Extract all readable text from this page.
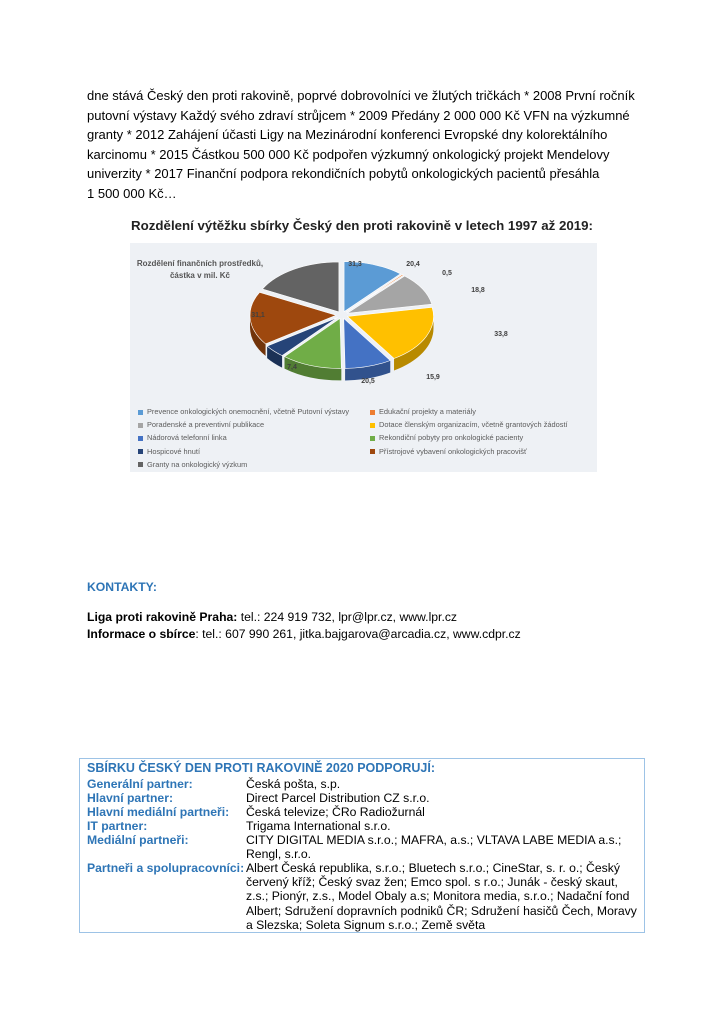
dne stává Český den proti rakovině, poprvé dobrovolníci ve žlutých tričkách * 2008 První ročník
putovní výstavy Každý svého zdraví strůjcem * 2009 Předány 2 000 000 Kč VFN na výzkumné
granty * 2012 Zahájení účasti Ligy na Mezinárodní konferenci Evropské dny kolorektálního
karcinomu * 2015 Částkou 500 000 Kč podpořen výzkumný onkologický projekt Mendelovy
univerzity * 2017 Finanční podpora rekondičních pobytů onkologických pacientů přesáhla
1 500 000 Kč…
Rozdělení výtěžku sbírky Český den proti rakovině v letech 1997 až 2019:
Rozdělení finančních prostředků,
částka v mil. Kč
20,4
0,5
18,8
33,8
15,9
20,5
7,4
31,1
31,3
Prevence onkologických onemocnění, včetně Putovní výstavy	Edukační projekty a materiály
Poradenské a preventivní publikace	Dotace členským organizacím, včetně grantových žádostí
Nádorová telefonní linka	Rekondiční pobyty pro onkologické pacienty
Hospicové hnutí	Přístrojové vybavení onkologických pracovišť
Granty na onkologický výzkum
KONTAKTY:
Liga proti rakovině Praha: tel.: 224 919 732, lpr@lpr.cz, www.lpr.cz
Informace o sbírce: tel.: 607 990 261, jitka.bajgarova@arcadia.cz, www.cdpr.cz
SBÍRKU ČESKÝ DEN PROTI RAKOVINĚ 2020 PODPORUJÍ:
Generální partner:	Česká pošta, s.p.
Hlavní partner:	Direct Parcel Distribution CZ s.r.o.
Hlavní mediální partneři:	Česká televize; ČRo Radiožurnál
IT partner:	Trigama International s.r.o.
Mediální partneři:	CITY DIGITAL MEDIA s.r.o.; MAFRA, a.s.; VLTAVA LABE MEDIA a.s.; Rengl, s.r.o.
Partneři a spolupracovníci: Albert Česká republika, s.r.o.; Bluetech s.r.o.; CineStar, s. r. o.; Český červený kříž; Český svaz žen; Emco spol. s r.o.; Junák - český skaut, z.s.; Pionýr, z.s., Model Obaly a.s; Monitora media, s.r.o.; Nadační fond Albert; Sdružení dopravních podniků ČR; Sdružení hasičů Čech, Moravy a Slezska; Soleta Signum s.r.o.; Země světa
